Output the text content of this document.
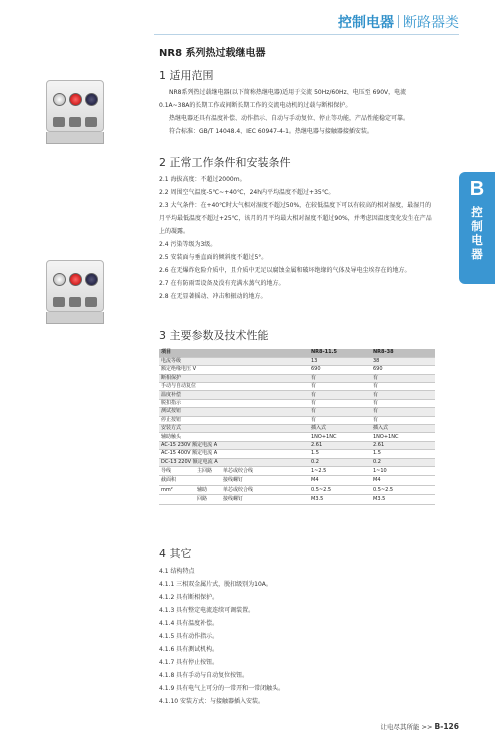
控制电器 断路器类
B
控制电器
NR8 系列热过载继电器
1 适用范围
NR8系列热过载继电器(以下简称热继电器)适用于交流 50Hz/60Hz、电压至 690V，电流0.1A~38A的长期工作或间断长期工作的交流电动机的过载与断相保护。
热继电器还具有温度补偿、动作指示、自动与手动复位、停止等功能，产品性能稳定可靠。
符合标准：GB/T 14048.4、IEC 60947-4-1。热继电器与接触器接插安装。
2 正常工作条件和安装条件
2.1 海拔高度：不超过2000m。
2.2 周围空气温度-5℃~+40℃，24h内平均温度不超过+35℃。
2.3 大气条件：在+40℃时大气相对湿度不超过50%，在较低温度下可以有较高的相对湿度，最湿月的月平均最低温度不超过+25℃，该月的月平均最大相对湿度不超过90%，并考虑因温度变化发生在产品上的凝露。
2.4 污染等级为3级。
2.5 安装面与垂直面的倾斜度不超过5°。
2.6 在无爆炸危险介质中，且介质中无足以腐蚀金属和破坏绝缘的气体及导电尘埃存在的地方。
2.7 在有防雨雪设备及没有充满水蒸气的地方。
2.8 在无显著摇动、冲击和振动的地方。
3 主要参数及技术性能
项目	NR8-11.5	NR8-38
电流等级	13	38
额定绝缘电压 V	690	690
断相保护	有	有
手动与自动复位	有	有
温度补偿	有	有
脱扣指示	有	有
测试按钮	有	有
停止按钮	有	有
安装方式	插入式	插入式
辅助触头	1NO+1NC	1NO+1NC
AC-15 230V 额定电流 A	2.61	2.61
AC-15 400V 额定电流 A	1.5	1.5
DC-13 220V 额定电流 A	0.2	0.2
导线 主回路 单芯或绞合线	1~2.5	1~10
截面积 接线螺钉	M4	M4
mm² 辅助 单芯或绞合线	0.5~2.5	0.5~2.5
回路 接线螺钉	M3.5	M3.5
4 其它
4.1 结构特点
4.1.1 三相双金属片式，脱扣级别为10A。
4.1.2 具有断相保护。
4.1.3 具有整定电流连续可调装置。
4.1.4 具有温度补偿。
4.1.5 具有动作指示。
4.1.6 具有测试机构。
4.1.7 具有停止按钮。
4.1.8 具有手动与自动复位按钮。
4.1.9 具有电气上可分的一常开和一常闭触头。
4.1.10 安装方式：与接触器插入安装。
让电尽其所能 >> B-126
